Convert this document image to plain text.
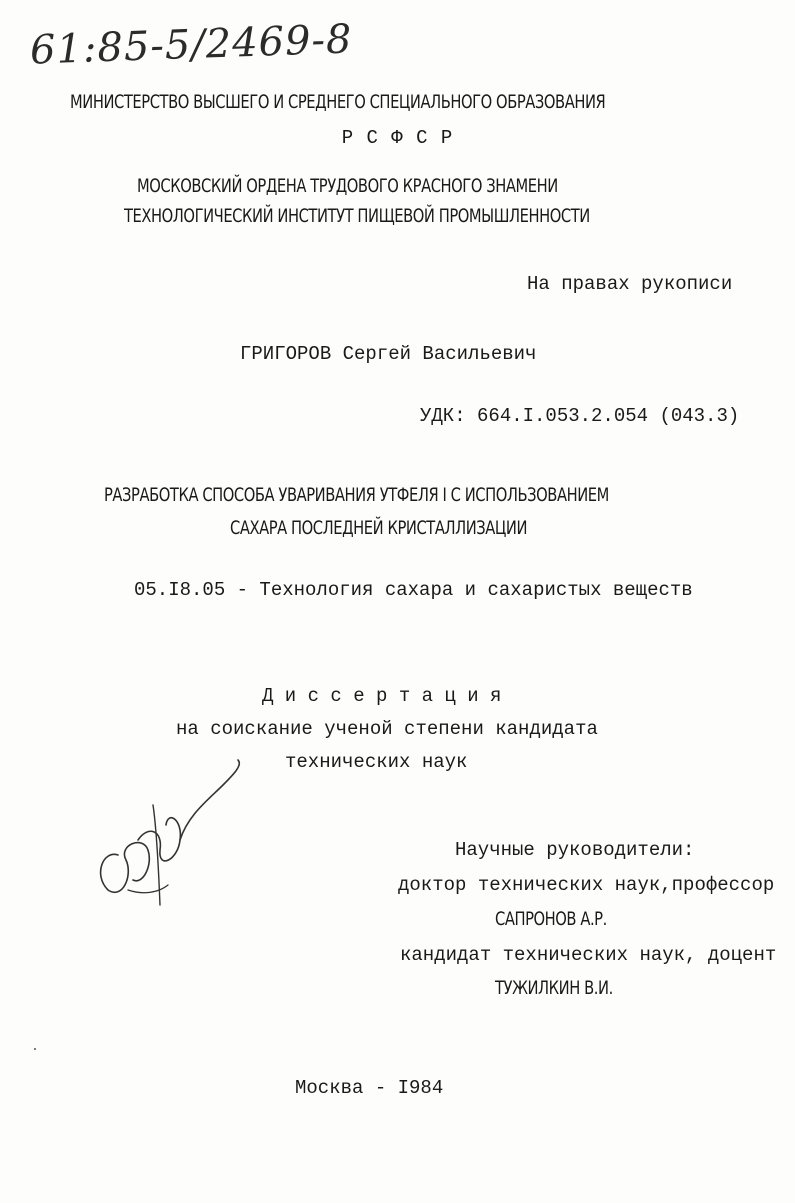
61:85-5/2469-8
МИНИСТЕРСТВО ВЫСШЕГО И СРЕДНЕГО СПЕЦИАЛЬНОГО ОБРАЗОВАНИЯ
Р С Ф С Р
МОСКОВСКИЙ ОРДЕНА ТРУДОВОГО КРАСНОГО ЗНАМЕНИ
ТЕХНОЛОГИЧЕСКИЙ ИНСТИТУТ ПИЩЕВОЙ ПРОМЫШЛЕННОСТИ
На правах рукописи
ГРИГОРОВ Сергей Васильевич
УДК: 664.I.053.2.054 (043.3)
РАЗРАБОТКА СПОСОБА УВАРИВАНИЯ УТФЕЛЯ I С ИСПОЛЬЗОВАНИЕМ
САХАРА ПОСЛЕДНЕЙ КРИСТАЛЛИЗАЦИИ
05.I8.05 - Технология сахара и сахаристых веществ
Д и с с е р т а ц и я
на соискание ученой степени кандидата
технических наук
Научные руководители:
доктор технических наук,профессор
САПРОНОВ А.Р.
кандидат технических наук, доцент
ТУЖИЛКИН В.И.
Москва - I984
